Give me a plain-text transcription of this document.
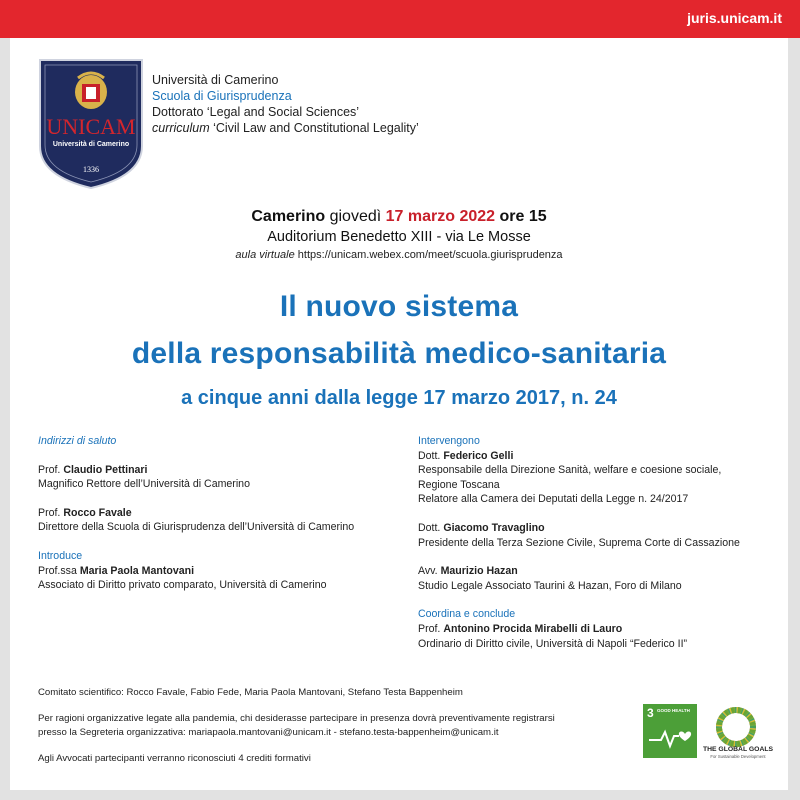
juris.unicam.it
UNICAM
Università di Camerino
1336
Università di Camerino
Scuola di Giurisprudenza
Dottorato ‘Legal and Social Sciences’
curriculum ‘Civil Law and Constitutional Legality’
Camerino giovedì 17 marzo 2022 ore 15
Auditorium Benedetto XIII - via Le Mosse
aula virtuale https://unicam.webex.com/meet/scuola.giurisprudenza
Il nuovo sistema
della responsabilità medico-sanitaria
a cinque anni dalla legge 17 marzo 2017, n. 24
Indirizzi di saluto
Prof. Claudio Pettinari
Magnifico Rettore dell’Università di Camerino
Prof. Rocco Favale
Direttore della Scuola di Giurisprudenza dell’Università di Camerino
Introduce
Prof.ssa Maria Paola Mantovani
Associato di Diritto privato comparato, Università di Camerino
Intervengono
Dott. Federico Gelli
Responsabile della Direzione Sanità, welfare e coesione sociale,
Regione Toscana
Relatore alla Camera dei Deputati della Legge n. 24/2017
Dott. Giacomo Travaglino
Presidente della Terza Sezione Civile, Suprema Corte di Cassazione
Avv. Maurizio Hazan
Studio Legale Associato Taurini & Hazan, Foro di Milano
Coordina e conclude
Prof. Antonino Procida Mirabelli di Lauro
Ordinario di Diritto civile, Università di Napoli “Federico II”
Comitato scientifico: Rocco Favale, Fabio Fede, Maria Paola Mantovani, Stefano Testa Bappenheim
Per ragioni organizzative legate alla pandemia, chi desiderasse partecipare in presenza dovrà preventivamente registrarsi
presso la Segreteria organizzativa: mariapaola.mantovani@unicam.it - stefano.testa-bappenheim@unicam.it
Agli Avvocati partecipanti verranno riconosciuti 4 crediti formativi
3 GOOD HEALTH
THE GLOBAL GOALS
For Sustainable Development
